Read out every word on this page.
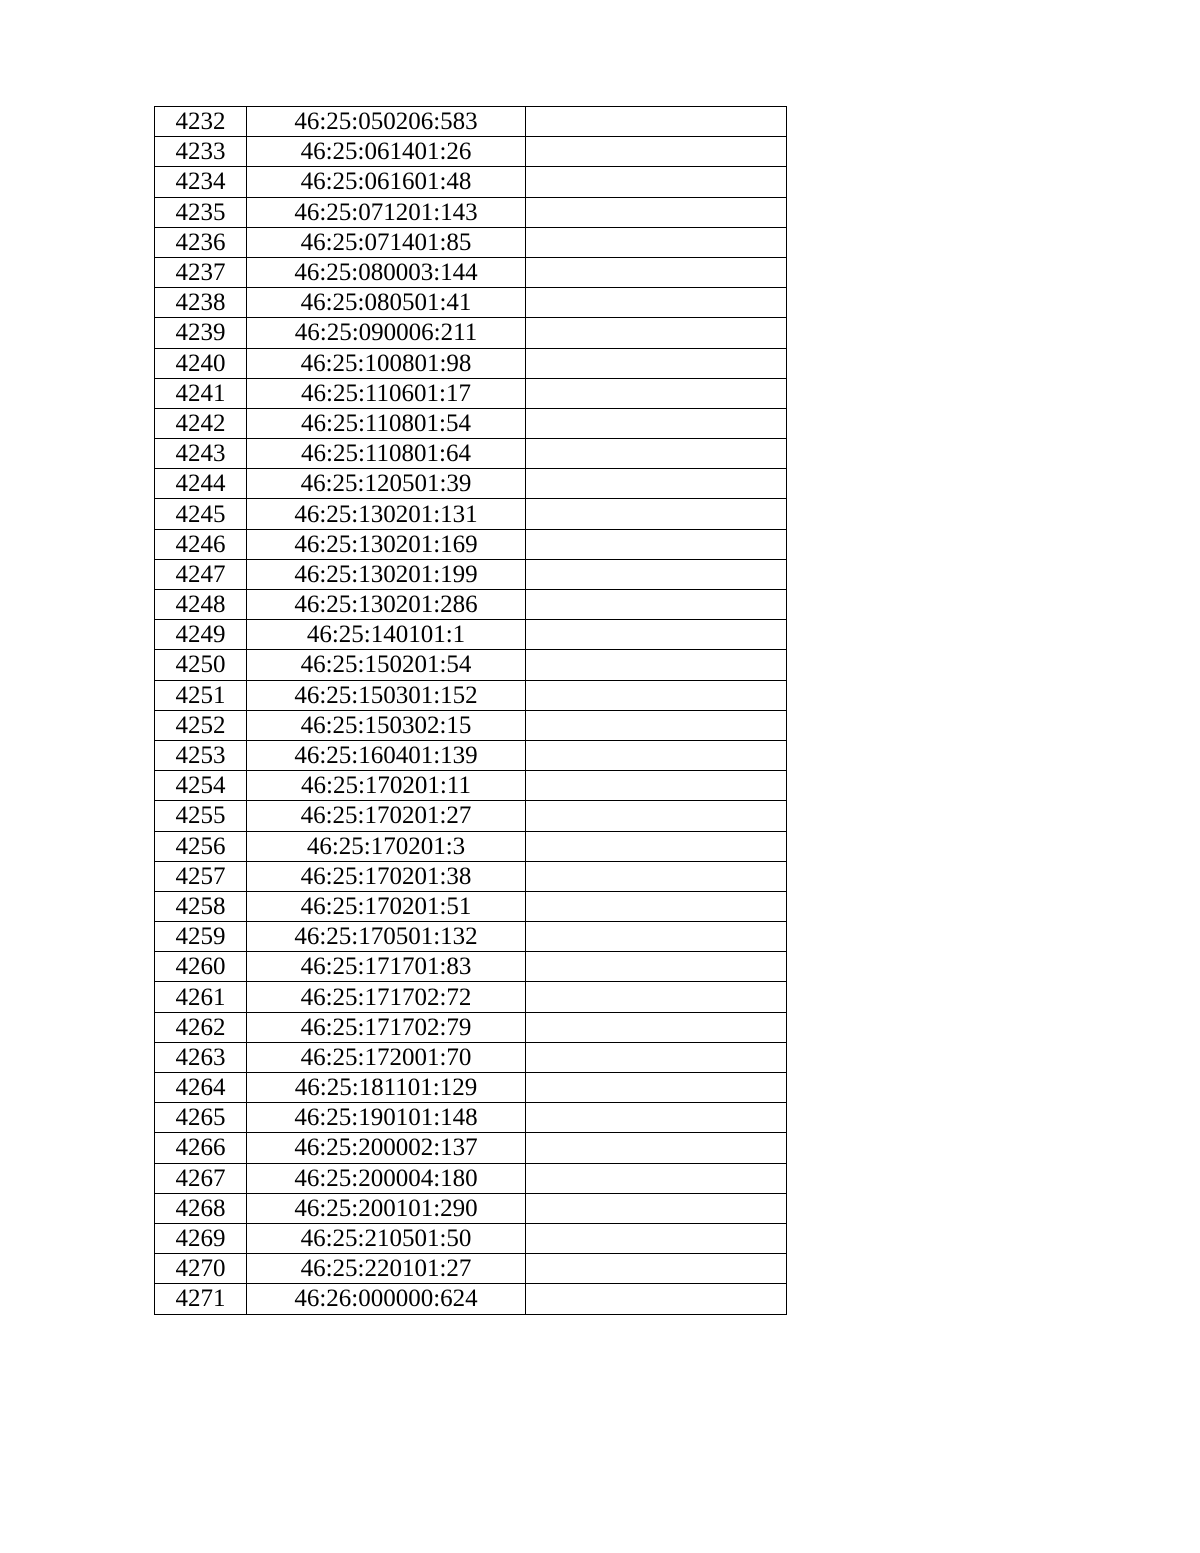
4232	46:25:050206:583	
4233	46:25:061401:26	
4234	46:25:061601:48	
4235	46:25:071201:143	
4236	46:25:071401:85	
4237	46:25:080003:144	
4238	46:25:080501:41	
4239	46:25:090006:211	
4240	46:25:100801:98	
4241	46:25:110601:17	
4242	46:25:110801:54	
4243	46:25:110801:64	
4244	46:25:120501:39	
4245	46:25:130201:131	
4246	46:25:130201:169	
4247	46:25:130201:199	
4248	46:25:130201:286	
4249	46:25:140101:1	
4250	46:25:150201:54	
4251	46:25:150301:152	
4252	46:25:150302:15	
4253	46:25:160401:139	
4254	46:25:170201:11	
4255	46:25:170201:27	
4256	46:25:170201:3	
4257	46:25:170201:38	
4258	46:25:170201:51	
4259	46:25:170501:132	
4260	46:25:171701:83	
4261	46:25:171702:72	
4262	46:25:171702:79	
4263	46:25:172001:70	
4264	46:25:181101:129	
4265	46:25:190101:148	
4266	46:25:200002:137	
4267	46:25:200004:180	
4268	46:25:200101:290	
4269	46:25:210501:50	
4270	46:25:220101:27	
4271	46:26:000000:624	
